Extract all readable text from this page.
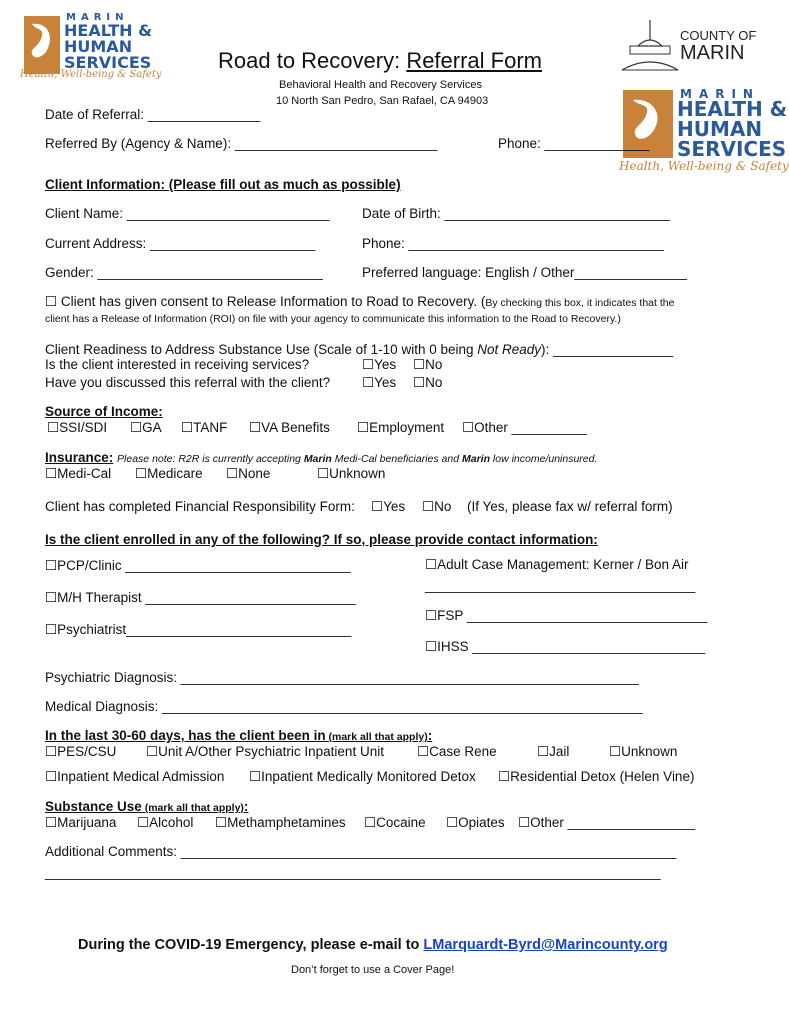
MARIN
HEALTH &
HUMAN
SERVICES
Health, Well-being & Safety
COUNTY OF
MARIN
MARIN
HEALTH &
HUMAN
SERVICES
Health, Well-being & Safety
Road to Recovery: Referral Form
Behavioral Health and Recovery Services
10 North San Pedro, San Rafael, CA 94903
Date of Referral: _______________
Referred By (Agency & Name): ___________________________	Phone: ______________
Client Information: (Please fill out as much as possible)
Client Name: ___________________________ Date of Birth: ______________________________
Current Address: ______________________	Phone: __________________________________
Gender: ______________________________	Preferred language: English / Other_______________
☐ Client has given consent to Release Information to Road to Recovery. (By checking this box, it indicates that the
client has a Release of Information (ROI) on file with your agency to communicate this information to the Road to Recovery.)
Client Readiness to Address Substance Use (Scale of 1-10 with 0 being Not Ready): ________________
Is the client interested in receiving services?	☐Yes ☐No
Have you discussed this referral with the client? ☐Yes ☐No
Source of Income:
☐SSI/SDI ☐GA ☐TANF ☐VA Benefits ☐Employment ☐Other __________
Insurance: Please note: R2R is currently accepting Marin Medi-Cal beneficiaries and Marin low income/uninsured.
☐Medi-Cal ☐Medicare ☐None	☐Unknown
Client has completed Financial Responsibility Form: ☐Yes ☐No (If Yes, please fax w/ referral form)
Is the client enrolled in any of the following? If so, please provide contact information:
☐PCP/Clinic ______________________________	☐Adult Case Management: Kerner / Bon Air
____________________________________
☐M/H Therapist ____________________________
☐FSP ________________________________
☐Psychiatrist______________________________
☐IHSS _______________________________
Psychiatric Diagnosis: _____________________________________________________________
Medical Diagnosis: ________________________________________________________________
In the last 30-60 days, has the client been in (mark all that apply):
☐PES/CSU ☐Unit A/Other Psychiatric Inpatient Unit ☐Case Rene	☐Jail	☐Unknown
☐Inpatient Medical Admission ☐Inpatient Medically Monitored Detox ☐Residential Detox (Helen Vine)
Substance Use (mark all that apply):
☐Marijuana ☐Alcohol ☐Methamphetamines ☐Cocaine ☐Opiates ☐Other _________________
Additional Comments: __________________________________________________________________
__________________________________________________________________________________
During the COVID-19 Emergency, please e-mail to LMarquardt-Byrd@Marincounty.org
Don’t forget to use a Cover Page!
